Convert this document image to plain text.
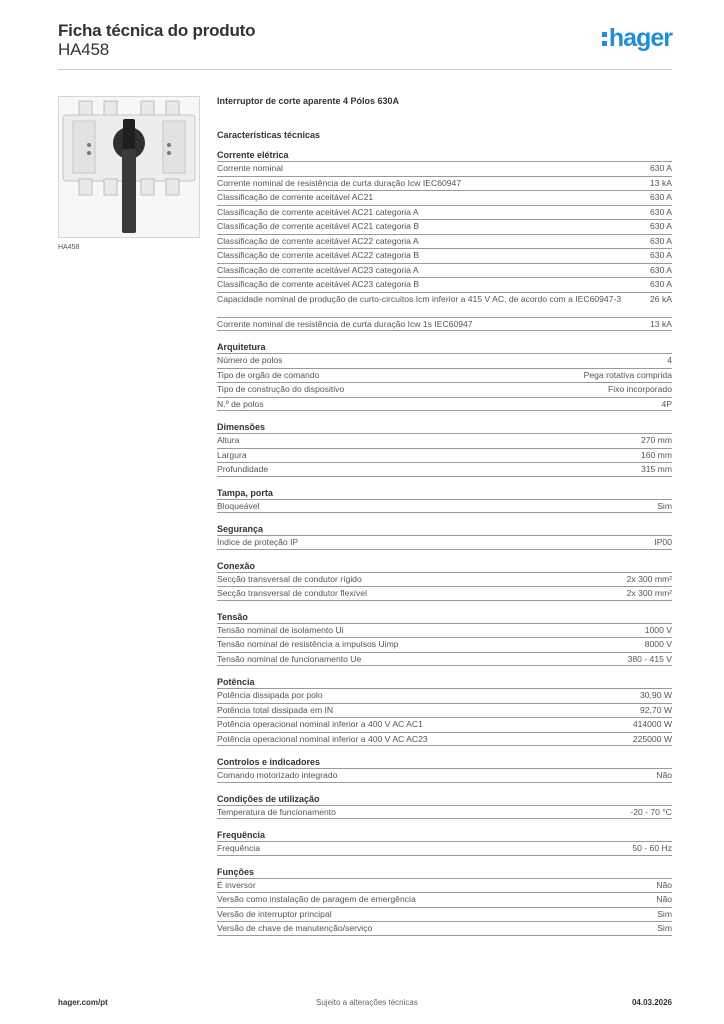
Ficha técnica do produto
HA458	hager
HA458
Interruptor de corte aparente 4 Pólos 630A
Características técnicas
Corrente elétrica
Corrente nominal	630 A
Corrente nominal de resistência de curta duração Icw IEC60947	13 kA
Classificação de corrente aceitável AC21	630 A
Classificação de corrente aceitável AC21 categoria A	630 A
Classificação de corrente aceitável AC21 categoria B	630 A
Classificação de corrente aceitável AC22 categoria A	630 A
Classificação de corrente aceitável AC22 categoria B	630 A
Classificação de corrente aceitável AC23 categoria A	630 A
Classificação de corrente aceitável AC23 categoria B	630 A
Capacidade nominal de produção de curto-circuitos Icm inferior a 415 V AC, de acordo com a IEC60947-3	26 kA
Corrente nominal de resistência de curta duração Icw 1s IEC60947	13 kA
Arquitetura
Número de polos	4
Tipo de orgão de comando	Pega rotativa comprida
Tipo de construção do dispositivo	Fixo incorporado
N.º de polos	4P
Dimensões
Altura	270 mm
Largura	160 mm
Profundidade	315 mm
Tampa, porta
Bloqueável	Sim
Segurança
Índice de proteção IP	IP00
Conexão
Secção transversal de condutor rígido	2x 300 mm²
Secção transversal de condutor flexível	2x 300 mm²
Tensão
Tensão nominal de isolamento Ui	1000 V
Tensão nominal de resistência a impulsos Uimp	8000 V
Tensão nominal de funcionamento Ue	380 - 415 V
Potência
Potência dissipada por polo	30,90 W
Potência total dissipada em IN	92,70 W
Potência operacional nominal inferior a 400 V AC AC1	414000 W
Potência operacional nominal inferior a 400 V AC AC23	225000 W
Controlos e indicadores
Comando motorizado integrado	Não
Condições de utilização
Temperatura de funcionamento	-20 - 70 °C
Frequência
Frequência	50 - 60 Hz
Funções
É inversor	Não
Versão como instalação de paragem de emergência	Não
Versão de interruptor principal	Sim
Versão de chave de manutenção/serviço	Sim
hager.com/pt	Sujeito a alterações técnicas	04.03.2026
